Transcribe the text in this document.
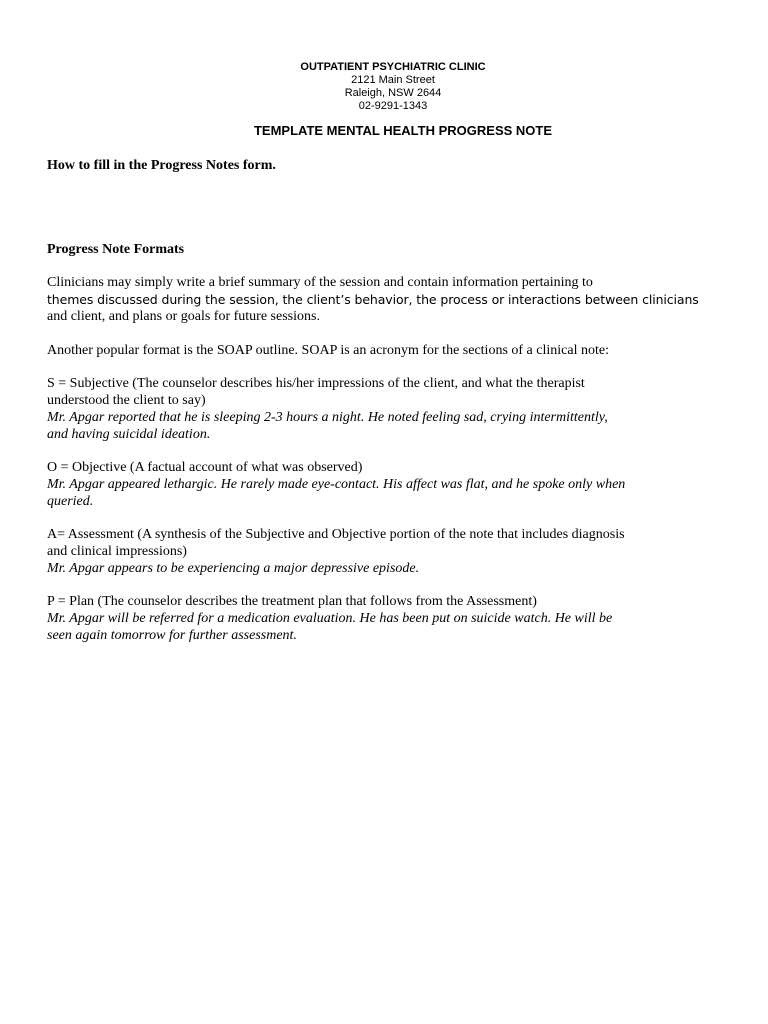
OUTPATIENT PSYCHIATRIC CLINIC
2121 Main Street
Raleigh, NSW 2644
02-9291-1343
TEMPLATE MENTAL HEALTH PROGRESS NOTE
How to fill in the Progress Notes form.
Progress Note Formats
Clinicians may simply write a brief summary of the session and contain information pertaining to
themes discussed during the session, the client’s behavior, the process or interactions between clinicians
and client, and plans or goals for future sessions.
Another popular format is the SOAP outline. SOAP is an acronym for the sections of a clinical note:
S = Subjective (The counselor describes his/her impressions of the client, and what the therapist
understood the client to say)
Mr. Apgar reported that he is sleeping 2-3 hours a night. He noted feeling sad, crying intermittently,
and having suicidal ideation.
O = Objective (A factual account of what was observed)
Mr. Apgar appeared lethargic. He rarely made eye-contact. His affect was flat, and he spoke only when
queried.
A= Assessment (A synthesis of the Subjective and Objective portion of the note that includes diagnosis
and clinical impressions)
Mr. Apgar appears to be experiencing a major depressive episode.
P = Plan (The counselor describes the treatment plan that follows from the Assessment)
Mr. Apgar will be referred for a medication evaluation. He has been put on suicide watch. He will be
seen again tomorrow for further assessment.
